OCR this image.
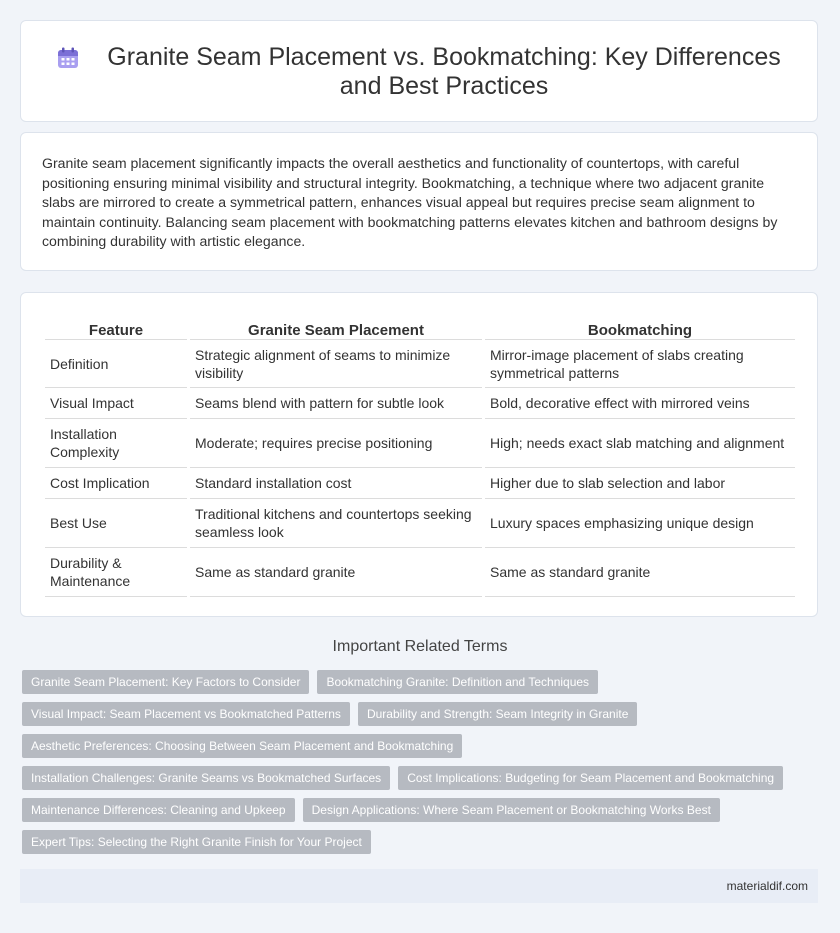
Granite Seam Placement vs. Bookmatching: Key Differences and Best Practices

Granite seam placement significantly impacts the overall aesthetics and functionality of countertops, with careful positioning ensuring minimal visibility and structural integrity. Bookmatching, a technique where two adjacent granite slabs are mirrored to create a symmetrical pattern, enhances visual appeal but requires precise seam alignment to maintain continuity. Balancing seam placement with bookmatching patterns elevates kitchen and bathroom designs by combining durability with artistic elegance.

Feature	Granite Seam Placement	Bookmatching
Definition	Strategic alignment of seams to minimize visibility	Mirror-image placement of slabs creating symmetrical patterns
Visual Impact	Seams blend with pattern for subtle look	Bold, decorative effect with mirrored veins
Installation Complexity	Moderate; requires precise positioning	High; needs exact slab matching and alignment
Cost Implication	Standard installation cost	Higher due to slab selection and labor
Best Use	Traditional kitchens and countertops seeking seamless look	Luxury spaces emphasizing unique design
Durability & Maintenance	Same as standard granite	Same as standard granite
Important Related Terms
Granite Seam Placement: Key Factors to Consider	Bookmatching Granite: Definition and Techniques
Visual Impact: Seam Placement vs Bookmatched Patterns	Durability and Strength: Seam Integrity in Granite
Aesthetic Preferences: Choosing Between Seam Placement and Bookmatching
Installation Challenges: Granite Seams vs Bookmatched Surfaces	Cost Implications: Budgeting for Seam Placement and Bookmatching
Maintenance Differences: Cleaning and Upkeep	Design Applications: Where Seam Placement or Bookmatching Works Best
Expert Tips: Selecting the Right Granite Finish for Your Project
materialdif.com
